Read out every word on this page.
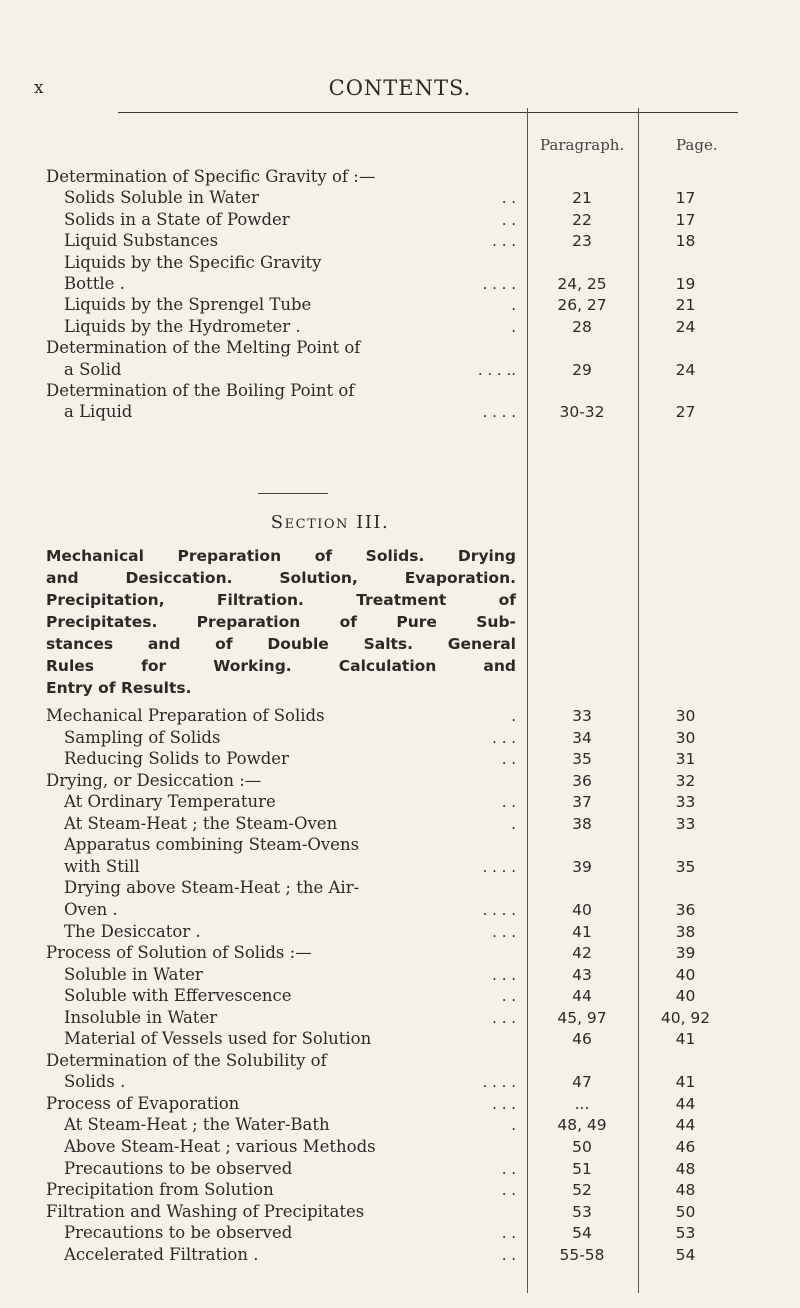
x	CONTENTS.
Paragraph.	Page.
Determination of Specific Gravity of :—
Solids Soluble in Water	. .	21	17
Solids in a State of Powder	. .	22	17
Liquid Substances	. . .	23	18
Liquids by the Specific Gravity
Bottle .	. . . .	24, 25	19
Liquids by the Sprengel Tube	.	26, 27	21
Liquids by the Hydrometer .	.	28	24
Determination of the Melting Point of
a Solid	. . . ..	29	24
Determination of the Boiling Point of
a Liquid	. . . .	30-32	27
Section III.
Mechanical Preparation of Solids. Drying
and Desiccation. Solution, Evaporation.
Precipitation, Filtration. Treatment of
Precipitates. Preparation of Pure Sub-
stances and of Double Salts. General
Rules for Working. Calculation and
Entry of Results.
Mechanical Preparation of Solids	.	33	30
Sampling of Solids	. . .	34	30
Reducing Solids to Powder	. .	35	31
Drying, or Desiccation :—	36	32
At Ordinary Temperature	. .	37	33
At Steam-Heat ; the Steam-Oven	.	38	33
Apparatus combining Steam-Ovens
with Still	. . . .	39	35
Drying above Steam-Heat ; the Air-
Oven .	. . . .	40	36
The Desiccator .	. . .	41	38
Process of Solution of Solids :—	42	39
Soluble in Water	. . .	43	40
Soluble with Effervescence	. .	44	40
Insoluble in Water	. . .	45, 97	40, 92
Material of Vessels used for Solution	46	41
Determination of the Solubility of
Solids .	. . . .	47	41
Process of Evaporation	. . .	...	44
At Steam-Heat ; the Water-Bath	.	48, 49	44
Above Steam-Heat ; various Methods	50	46
Precautions to be observed	. .	51	48
Precipitation from Solution	. .	52	48
Filtration and Washing of Precipitates	53	50
Precautions to be observed	. .	54	53
Accelerated Filtration .	. .	55-58	54
